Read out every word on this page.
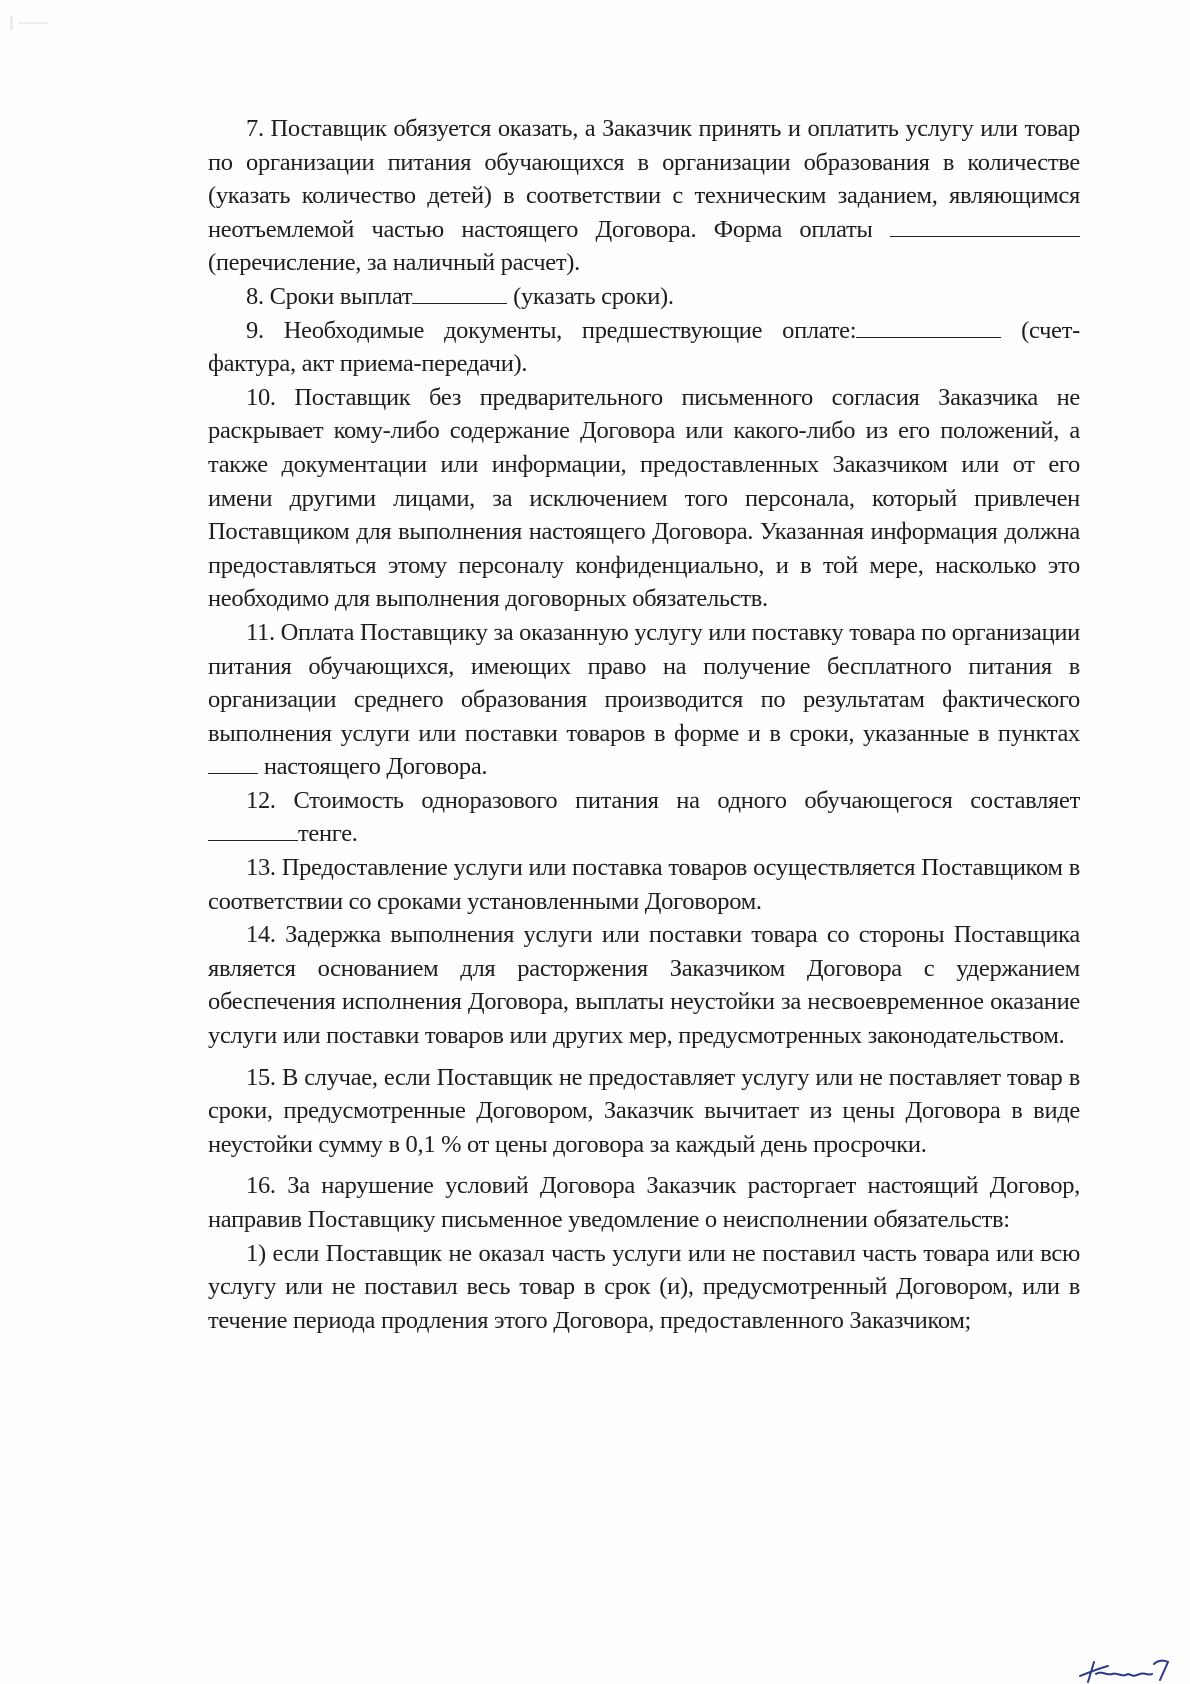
7. Поставщик обязуется оказать, а Заказчик принять и оплатить услугу или товар по организации питания обучающихся в организации образования в количестве (указать количество детей) в соответствии с техническим заданием, являющимся неотъемлемой частью настоящего Договора. Форма оплаты (перечисление, за наличный расчет).

8. Сроки выплат	(указать сроки).

9. Необходимые документы, предшествующие оплате:	(счет-фактура, акт приема-передачи).

10. Поставщик без предварительного письменного согласия Заказчика не раскрывает кому-либо содержание Договора или какого-либо из его положений, а также документации или информации, предоставленных Заказчиком или от его имени другими лицами, за исключением того персонала, который привлечен Поставщиком для выполнения настоящего Договора. Указанная информация должна предоставляться этому персоналу конфиденциально, и в той мере, насколько это необходимо для выполнения договорных обязательств.

11. Оплата Поставщику за оказанную услугу или поставку товара по организации питания обучающихся, имеющих право на получение бесплатного питания в организации среднего образования производится по результатам фактического выполнения услуги или поставки товаров в форме и в сроки, указанные в пунктах  настоящего Договора.

12. Стоимость одноразового питания на одного обучающегося составляет тенге.

13. Предоставление услуги или поставка товаров осуществляется Поставщиком в соответствии со сроками установленными Договором.

14. Задержка выполнения услуги или поставки товара со стороны Поставщика является основанием для расторжения Заказчиком Договора с удержанием обеспечения исполнения Договора, выплаты неустойки за несвоевременное оказание услуги или поставки товаров или других мер, предусмотренных законодательством.

15. В случае, если Поставщик не предоставляет услугу или не поставляет товар в сроки, предусмотренные Договором, Заказчик вычитает из цены Договора в виде неустойки сумму в 0,1 % от цены договора за каждый день просрочки.

16. За нарушение условий Договора Заказчик расторгает настоящий Договор, направив Поставщику письменное уведомление о неисполнении обязательств:

1) если Поставщик не оказал часть услуги или не поставил часть товара или всю услугу или не поставил весь товар в срок (и), предусмотренный Договором, или в течение периода продления этого Договора, предоставленного Заказчиком;
